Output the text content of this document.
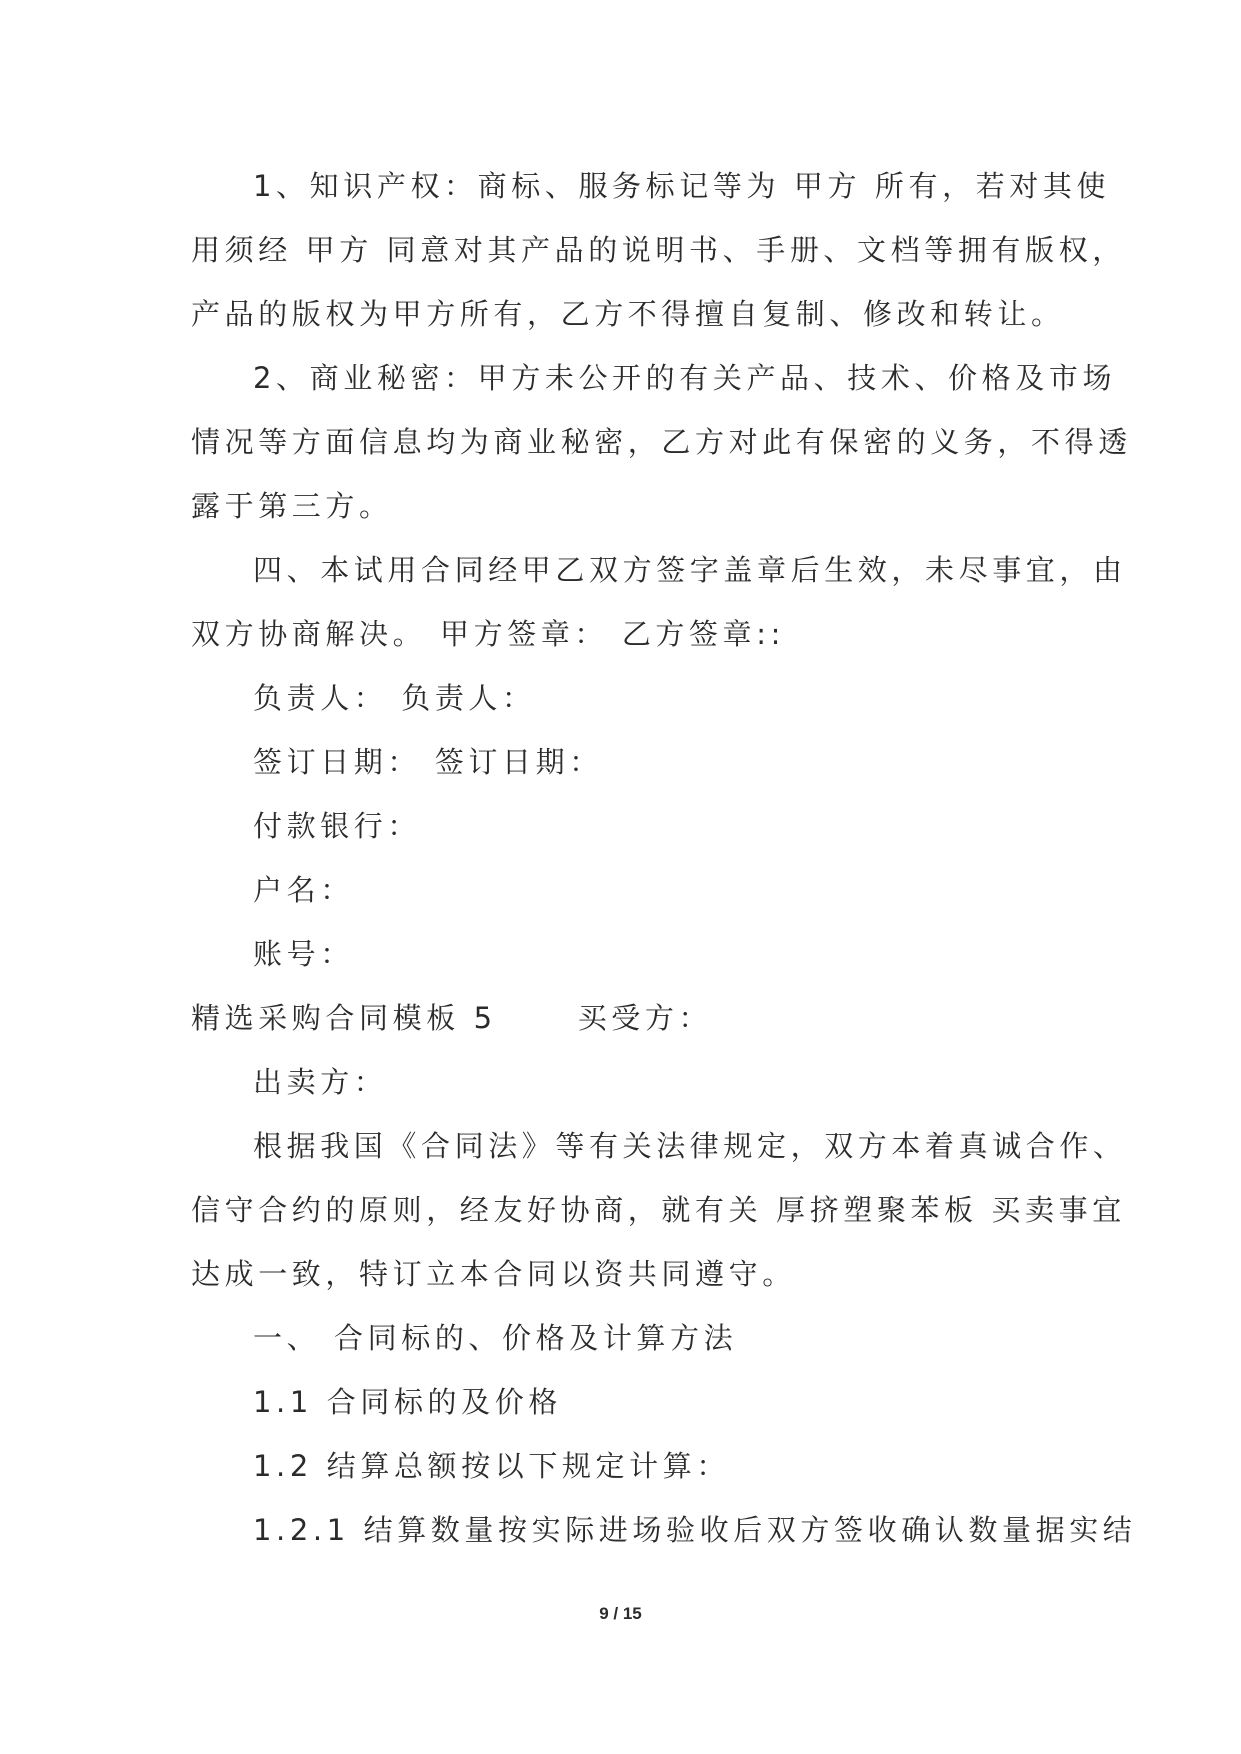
1、知识产权：商标、服务标记等为 甲方 所有，若对其使
用须经 甲方 同意对其产品的说明书、手册、文档等拥有版权，
产品的版权为甲方所有，乙方不得擅自复制、修改和转让。
2、商业秘密：甲方未公开的有关产品、技术、价格及市场
情况等方面信息均为商业秘密，乙方对此有保密的义务，不得透
露于第三方。
四、本试用合同经甲乙双方签字盖章后生效，未尽事宜，由
双方协商解决。 甲方签章： 乙方签章::
负责人： 负责人：
签订日期： 签订日期：
付款银行：
户名：
账号：
精选采购合同模板 5　　 买受方：
出卖方：
根据我国《合同法》等有关法律规定，双方本着真诚合作、
信守合约的原则，经友好协商，就有关 厚挤塑聚苯板 买卖事宜
达成一致，特订立本合同以资共同遵守。
一、 合同标的、价格及计算方法
1.1 合同标的及价格
1.2 结算总额按以下规定计算：
1.2.1 结算数量按实际进场验收后双方签收确认数量据实结
9 / 15
